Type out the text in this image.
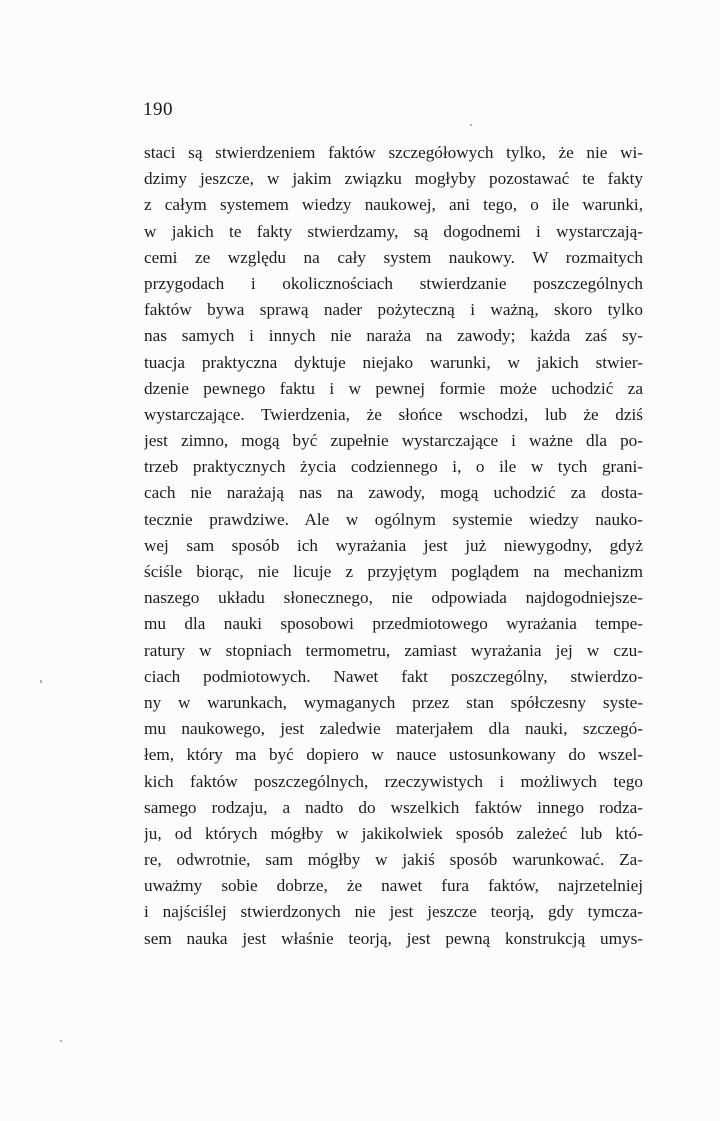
190
staci są stwierdzeniem faktów szczegółowych tylko, że nie wi-
dzimy jeszcze, w jakim związku mogłyby pozostawać te fakty
z całym systemem wiedzy naukowej, ani tego, o ile warunki,
w jakich te fakty stwierdzamy, są dogodnemi i wystarczają-
cemi ze względu na cały system naukowy. W rozmaitych
przygodach i okolicznościach stwierdzanie poszczególnych
faktów bywa sprawą nader pożyteczną i ważną, skoro tylko
nas samych i innych nie naraża na zawody; każda zaś sy-
tuacja praktyczna dyktuje niejako warunki, w jakich stwier-
dzenie pewnego faktu i w pewnej formie może uchodzić za
wystarczające. Twierdzenia, że słońce wschodzi, lub że dziś
jest zimno, mogą być zupełnie wystarczające i ważne dla po-
trzeb praktycznych życia codziennego i, o ile w tych grani-
cach nie narażają nas na zawody, mogą uchodzić za dosta-
tecznie prawdziwe. Ale w ogólnym systemie wiedzy nauko-
wej sam sposób ich wyrażania jest już niewygodny, gdyż
ściśle biorąc, nie licuje z przyjętym poglądem na mechanizm
naszego układu słonecznego, nie odpowiada najdogodniejsze-
mu dla nauki sposobowi przedmiotowego wyrażania tempe-
ratury w stopniach termometru, zamiast wyrażania jej w czu-
ciach podmiotowych. Nawet fakt poszczególny, stwierdzo-
ny w warunkach, wymaganych przez stan spółczesny syste-
mu naukowego, jest zaledwie materjałem dla nauki, szczegó-
łem, który ma być dopiero w nauce ustosunkowany do wszel-
kich faktów poszczególnych, rzeczywistych i możliwych tego
samego rodzaju, a nadto do wszelkich faktów innego rodza-
ju, od których mógłby w jakikolwiek sposób zależeć lub któ-
re, odwrotnie, sam mógłby w jakiś sposób warunkować. Za-
uważmy sobie dobrze, że nawet fura faktów, najrzetelniej
i najściślej stwierdzonych nie jest jeszcze teorją, gdy tymcza-
sem nauka jest właśnie teorją, jest pewną konstrukcją umys-
